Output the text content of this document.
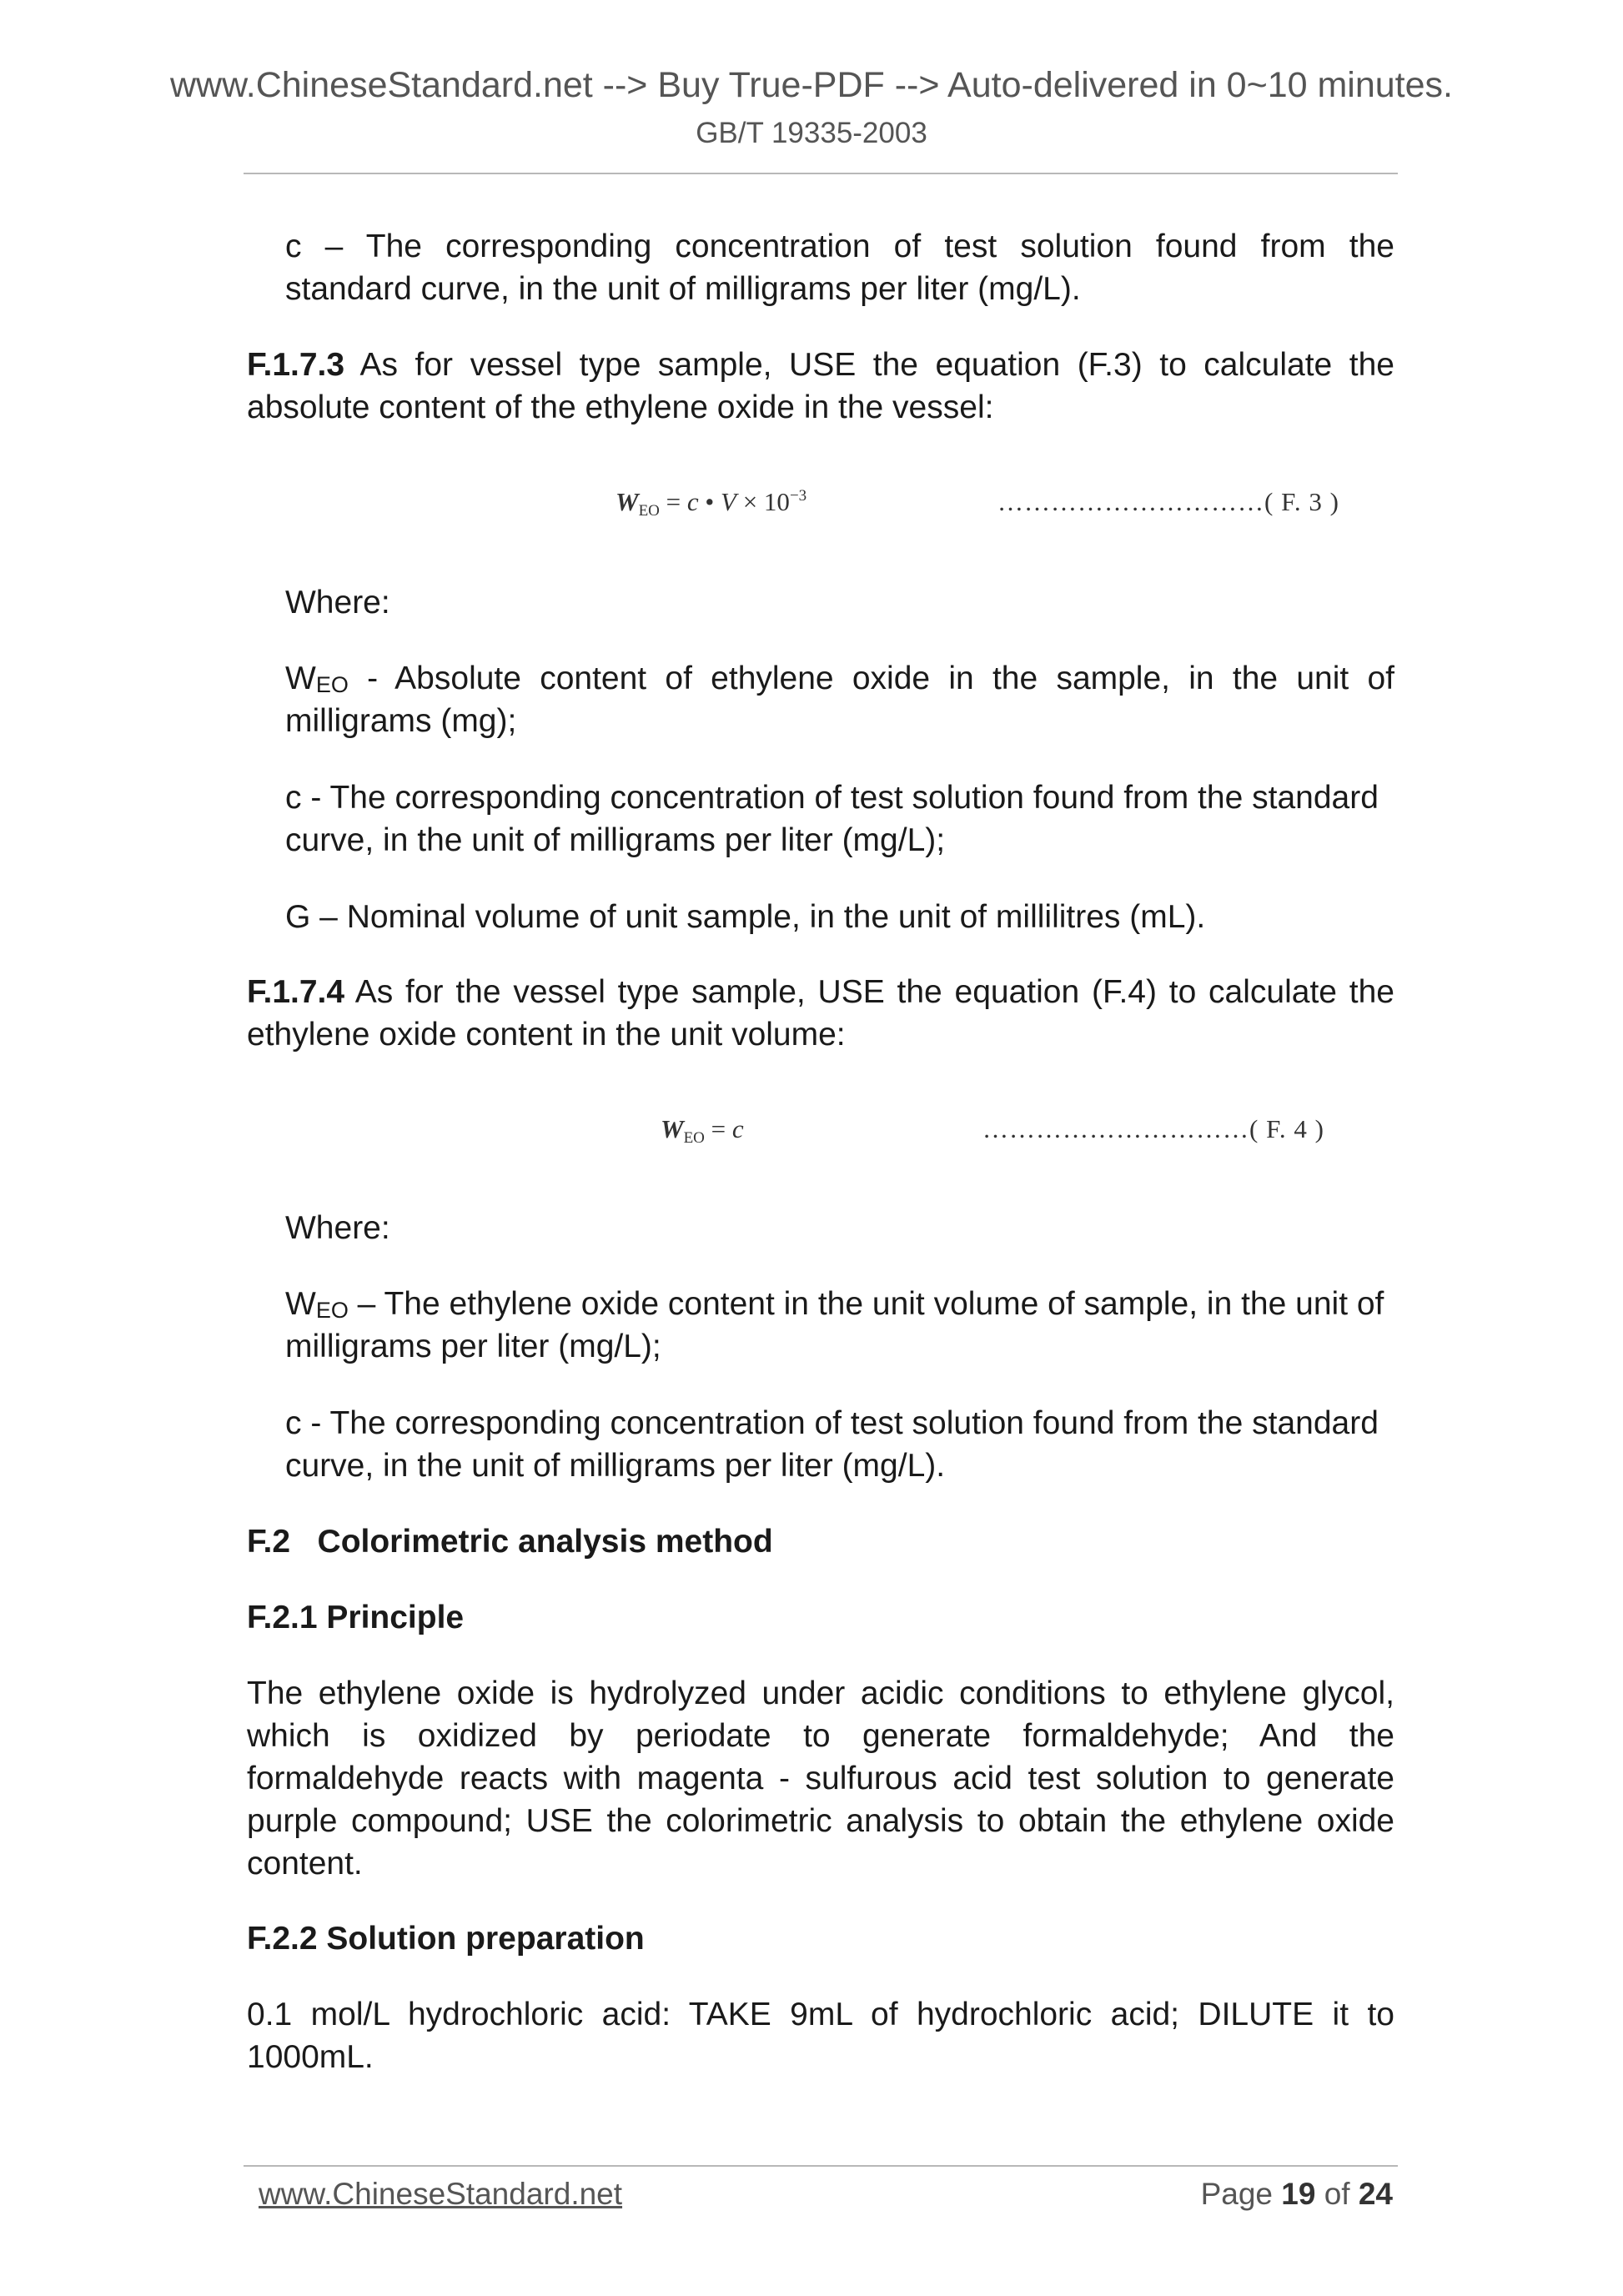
www.ChineseStandard.net --> Buy True-PDF --> Auto-delivered in 0~10 minutes.
GB/T 19335-2003
c – The corresponding concentration of test solution found from the
standard curve, in the unit of milligrams per liter (mg/L).
F.1.7.3 As for vessel type sample, USE the equation (F.3) to calculate the
absolute content of the ethylene oxide in the vessel:
$W_{EO} = c$ • $V \times 10^{-3}$	…………………………( F. 3 )
Where:
$W_{EO}$ - Absolute content of ethylene oxide in the sample, in the unit of
milligrams (mg);
c - The corresponding concentration of test solution found from the standard
curve, in the unit of milligrams per liter (mg/L);
G – Nominal volume of unit sample, in the unit of millilitres (mL).
F.1.7.4 As for the vessel type sample, USE the equation (F.4) to calculate the
ethylene oxide content in the unit volume:
$W_{EO} = c$	…………………………( F. 4 )
Where:
$W_{EO}$ – The ethylene oxide content in the unit volume of sample, in the unit of
milligrams per liter (mg/L);
c - The corresponding concentration of test solution found from the standard
curve, in the unit of milligrams per liter (mg/L).
F.2   Colorimetric analysis method
F.2.1 Principle
The ethylene oxide is hydrolyzed under acidic conditions to ethylene glycol,
which is oxidized by periodate to generate formaldehyde; And the
formaldehyde reacts with magenta - sulfurous acid test solution to generate
purple compound; USE the colorimetric analysis to obtain the ethylene oxide
content.
F.2.2 Solution preparation
0.1 mol/L hydrochloric acid: TAKE 9mL of hydrochloric acid; DILUTE it to
1000mL.
www.ChineseStandard.net	Page 19 of 24
